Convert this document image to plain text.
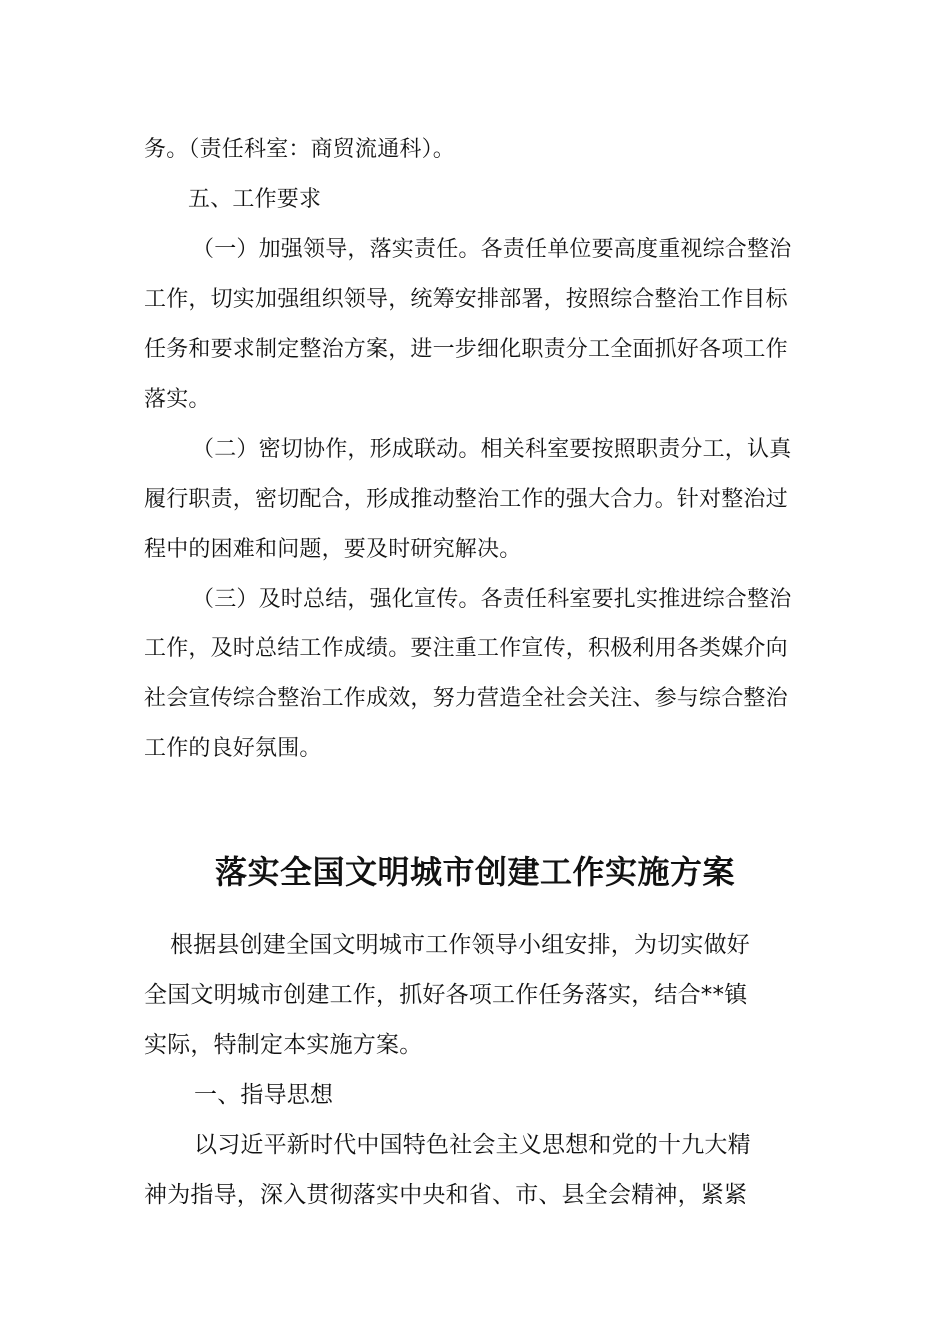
务。（责任科室：商贸流通科）。
五、工作要求
（一）加强领导，落实责任。各责任单位要高度重视综合整治
工作，切实加强组织领导，统筹安排部署，按照综合整治工作目标
任务和要求制定整治方案，进一步细化职责分工全面抓好各项工作
落实。
（二）密切协作，形成联动。相关科室要按照职责分工，认真
履行职责，密切配合，形成推动整治工作的强大合力。针对整治过
程中的困难和问题，要及时研究解决。
（三）及时总结，强化宣传。各责任科室要扎实推进综合整治
工作，及时总结工作成绩。要注重工作宣传，积极利用各类媒介向
社会宣传综合整治工作成效，努力营造全社会关注、参与综合整治
工作的良好氛围。
落实全国文明城市创建工作实施方案
根据县创建全国文明城市工作领导小组安排，为切实做好
全国文明城市创建工作，抓好各项工作任务落实，结合**镇
实际，特制定本实施方案。
一、指导思想
以习近平新时代中国特色社会主义思想和党的十九大精
神为指导，深入贯彻落实中央和省、市、县全会精神，紧紧
